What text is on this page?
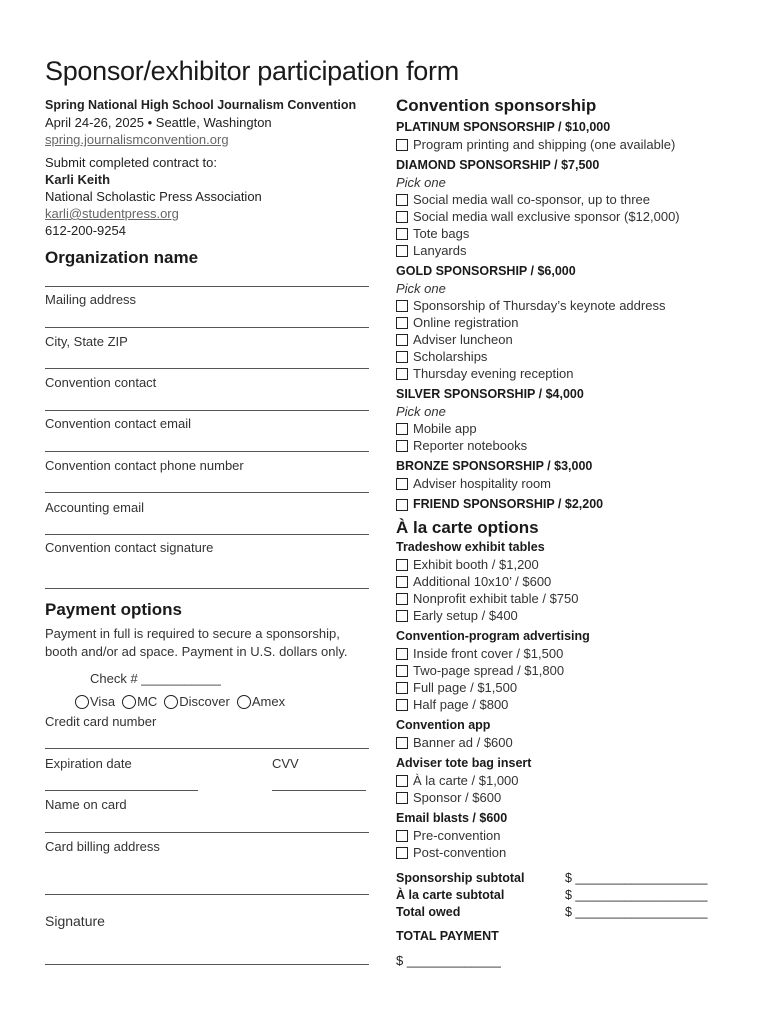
Sponsor/exhibitor participation form
Spring National High School Journalism Convention
April 24-26, 2025 • Seattle, Washington
spring.journalismconvention.org
Submit completed contract to:
Karli Keith
National Scholastic Press Association
karli@studentpress.org
612-200-9254
Organization name
Mailing address
City, State ZIP
Convention contact
Convention contact email
Convention contact phone number
Accounting email
Convention contact signature
Payment options
Payment in full is required to secure a sponsorship, booth and/or ad space. Payment in U.S. dollars only.
Check # ___________
Visa MC Discover Amex
Credit card number
Expiration date	CVV
Name on card
Card billing address
Signature
Convention sponsorship
PLATINUM SPONSORSHIP / $10,000
Program printing and shipping (one available)
DIAMOND SPONSORSHIP / $7,500
Pick one
Social media wall co-sponsor, up to three
Social media wall exclusive sponsor ($12,000)
Tote bags
Lanyards
GOLD SPONSORSHIP / $6,000
Pick one
Sponsorship of Thursday’s keynote address
Online registration
Adviser luncheon
Scholarships
Thursday evening reception
SILVER SPONSORSHIP / $4,000
Pick one
Mobile app
Reporter notebooks
BRONZE SPONSORSHIP / $3,000
Adviser hospitality room
FRIEND SPONSORSHIP / $2,200
À la carte options
Tradeshow exhibit tables
Exhibit booth / $1,200
Additional 10x10’ / $600
Nonprofit exhibit table / $750
Early setup / $400
Convention-program advertising
Inside front cover / $1,500
Two-page spread / $1,800
Full page / $1,500
Half page / $800
Convention app
Banner ad / $600
Adviser tote bag insert
À la carte / $1,000
Sponsor / $600
Email blasts / $600
Pre-convention
Post-convention
Sponsorship subtotal	$ ___________________
À la carte subtotal	$ ___________________
Total owed	$ ___________________
TOTAL PAYMENT
$ _____________
